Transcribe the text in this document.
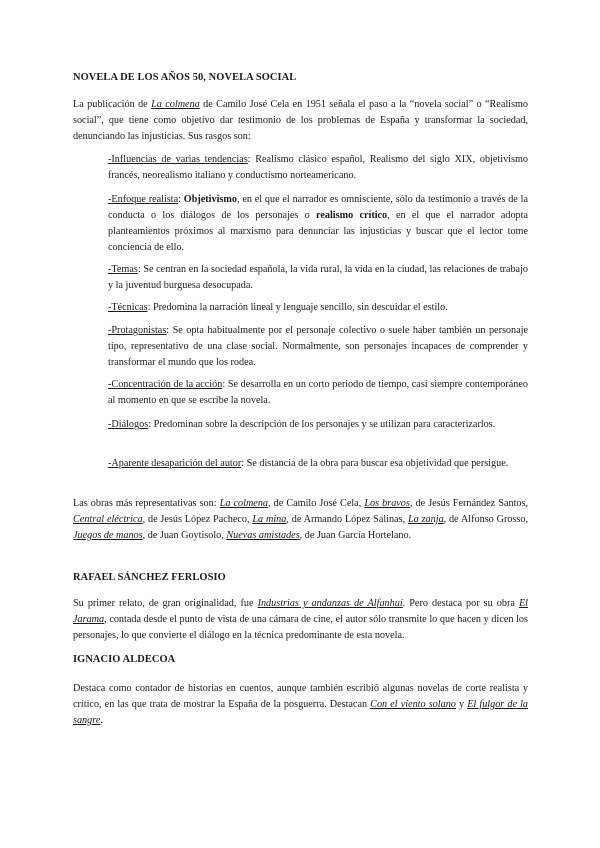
NOVELA DE LOS AÑOS 50, NOVELA SOCIAL

La publicación de La colmena de Camilo José Cela en 1951 señala el paso a la “novela social” o “Realismo social”, que tiene como objetivo dar testimonio de los problemas de España y transformar la sociedad, denunciando las injusticias. Sus rasgos son:

-Influencias de varias tendencias: Realismo clásico español, Realismo del siglo XIX, objetivismo francés, neorealismo italiano y conductismo norteamericano.

-Enfoque realista: Objetivismo, en el que el narrador es omnisciente, sólo da testimonio a través de la conducta o los diálogos de los personajes o realismo crítico, en el que el narrador adopta planteamientos próximos al marxismo para denunciar las injusticias y buscar que el lector tome conciencia de ello.

-Temas: Se centran en la sociedad española, la vida rural, la vida en la ciudad, las relaciones de trabajo y la juventud burguesa desocupada.

-Técnicas: Predomina la narración lineal y lenguaje sencillo, sin descuidar el estilo.

-Protagonistas: Se opta habitualmente por el personaje colectivo o suele haber también un personaje tipo, representativo de una clase social. Normalmente, son personajes incapaces de comprender y transformar el mundo que los rodea.

-Concentración de la acción: Se desarrolla en un corto periodo de tiempo, casi siempre contemporáneo al momento en que se escribe la novela.

-Diálogos: Predominan sobre la descripción de los personajes y se utilizan para caracterizarlos.

-Aparente desaparición del autor: Se distancia de la obra para buscar esa objetividad que persigue.

Las obras más representativas son: La colmena, de Camilo José Cela, Los bravos, de Jesús Fernández Santos, Central eléctrica, de Jesús López Pacheco, La mina, de Armando López Salinas, La zanja, de Alfonso Grosso, Juegos de manos, de Juan Goytisolo, Nuevas amistades, de Juan García Hortelano.

RAFAEL SÁNCHEZ FERLOSIO

Su primer relato, de gran originalidad, fue Industrias y andanzas de Alfanhuí. Pero destaca por su obra El Jarama, contada desde el punto de vista de una cámara de cine, el autor sólo transmite lo que hacen y dicen los personajes, lo que convierte el diálogo en la técnica predominante de esta novela.

IGNACIO ALDECOA

Destaca como contador de historias en cuentos, aunque también escribió algunas novelas de corte realista y crítico, en las que trata de mostrar la España de la posguerra. Destacan Con el viento solano y El fulgor de la sangre.
